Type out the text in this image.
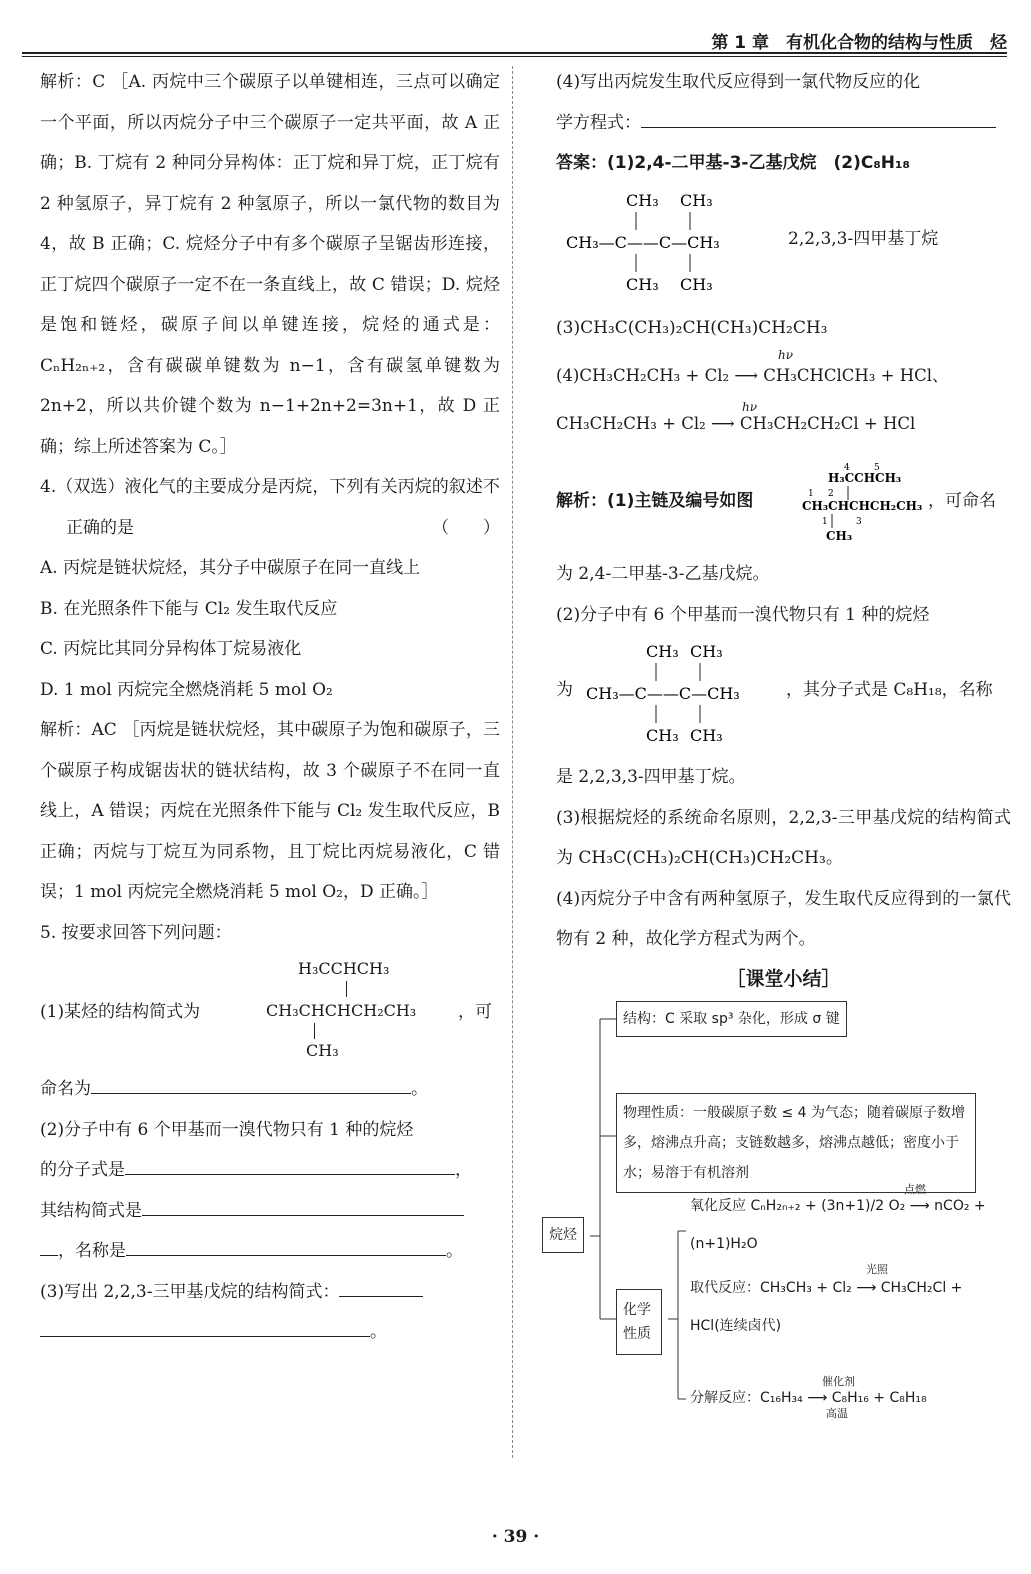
第 1 章　有机化合物的结构与性质　烃

解析：C ［A. 丙烷中三个碳原子以单键相连，三点可以确定一个平面，所以丙烷分子中三个碳原子一定共平面，故 A 正确；B. 丁烷有 2 种同分异构体：正丁烷和异丁烷，正丁烷有 2 种氢原子，异丁烷有 2 种氢原子，所以一氯代物的数目为 4，故 B 正确；C. 烷烃分子中有多个碳原子呈锯齿形连接，正丁烷四个碳原子一定不在一条直线上，故 C 错误；D. 烷烃是饱和链烃，碳原子间以单键连接，烷烃的通式是：CₙH₂ₙ₊₂，含有碳碳单键数为 n−1，含有碳氢单键数为 2n+2，所以共价键个数为 n−1+2n+2=3n+1，故 D 正确；综上所述答案为 C。］

4.（双选）液化气的主要成分是丙烷，下列有关丙烷的叙述不正确的是	（　　）

A. 丙烷是链状烷烃，其分子中碳原子在同一直线上

B. 在光照条件下能与 Cl₂ 发生取代反应

C. 丙烷比其同分异构体丁烷易液化

D. 1 mol 丙烷完全燃烧消耗 5 mol O₂

解析：AC ［丙烷是链状烷烃，其中碳原子为饱和碳原子，三个碳原子构成锯齿状的链状结构，故 3 个碳原子不在同一直线上，A 错误；丙烷在光照条件下能与 Cl₂ 发生取代反应，B 正确；丙烷与丁烷互为同系物，且丁烷比丙烷易液化，C 错误；1 mol 丙烷完全燃烧消耗 5 mol O₂，D 正确。］

5. 按要求回答下列问题：

H₃CCHCH₃
(1)某烃的结构简式为	CH₃CHCHCH₂CH₃ ，可
CH₃

命名为	。

(2)分子中有 6 个甲基而一溴代物只有 1 种的烷烃

的分子式是	，

其结构简式是

，名称是	。

(3)写出 2,2,3-三甲基戊烷的结构简式：

。

(4)写出丙烷发生取代反应得到一氯代物反应的化

学方程式：

答案：(1)2,4-二甲基-3-乙基戊烷　(2)C₈H₁₈

CH₃ CH₃
CH₃—C——C—CH₃
CH₃ CH₃
2,2,3,3-四甲基丁烷

(3)CH₃C(CH₃)₂CH(CH₃)CH₂CH₃

hν
(4)CH₃CH₂CH₃ + Cl₂ ⟶ CH₃CHClCH₃ + HCl、
hν
CH₃CH₂CH₃ + Cl₂ ⟶ CH₃CH₂CH₂Cl + HCl
4	5
H₃CCHCH₃
1 2
CH₃CHCHCH₂CH₃
1	3
CH₃
解析：(1)主链及编号如图	，可命名

为 2,4-二甲基-3-乙基戊烷。

(2)分子中有 6 个甲基而一溴代物只有 1 种的烷烃

为
CH₃ CH₃
CH₃—C——C—CH₃
CH₃ CH₃
，其分子式是 C₈H₁₈，名称

是 2,2,3,3-四甲基丁烷。

(3)根据烷烃的系统命名原则，2,2,3-三甲基戊烷的结构简式为 CH₃C(CH₃)₂CH(CH₃)CH₂CH₃。

(4)丙烷分子中含有两种氢原子，发生取代反应得到的一氯代物有 2 种，故化学方程式为两个。

［课堂小结］
烷烃
结构：C 采取 sp³ 杂化，形成 σ 键
物理性质：一般碳原子数 ≤ 4 为气态；随着碳原子数增多，熔沸点升高；支链数越多，熔沸点越低；密度小于水；易溶于有机溶剂
化学性质
氧化反应 CₙH₂ₙ₊₂ + (3n+1)/2 O₂ ⟶ nCO₂ + (n+1)H₂O
点燃
取代反应：CH₃CH₃ + Cl₂ ⟶ CH₃CH₂Cl + HCl(连续卤代)
光照
分解反应：C₁₆H₃₄ ⟶ C₈H₁₆ + C₈H₁₈
催化剂
高温
· 39 ·
